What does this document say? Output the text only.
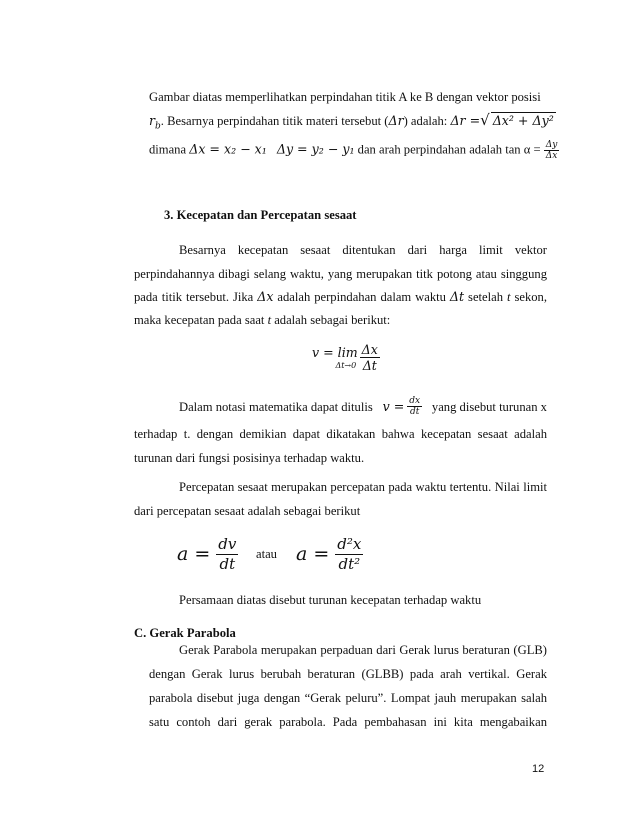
Gambar diatas memperlihatkan perpindahan titik A ke B dengan vektor posisi
$r_b$. Besarnya perpindahan titik materi tersebut (Δr) adalah: Δr =√ Δx² + Δy²
dimana Δx = x₂ − x₁ Δy = y₂ − y₁ dan arah perpindahan adalah $\tan \alpha = \frac{\Delta y}{\Delta x}$
3. Kecepatan dan Percepatan sesaat
Besarnya kecepatan sesaat ditentukan dari harga limit vektor
perpindahannya dibagi selang waktu, yang merupakan titk potong atau singgung
pada titik tersebut. Jika Δx adalah perpindahan dalam waktu Δt setelah t sekon,
maka kecepatan pada saat t adalah sebagai berikut:
v = lim
$\Delta t\to 0 \frac{\Delta x}{\Delta t}$
Dalam notasi matematika dapat ditulis $v = \frac{dx}{dt}$ yang disebut turunan x
terhadap t. dengan demikian dapat dikatakan bahwa kecepatan sesaat adalah
turunan dari fungsi posisinya terhadap waktu.
Percepatan sesaat merupakan percepatan pada waktu tertentu. Nilai limit
dari percepatan sesaat adalah sebagai berikut
$a = \frac{dv}{dt}$ atau $a = \frac{\text{d²x}}{\text{dt²}}$
Persamaan diatas disebut turunan kecepatan terhadap waktu
C. Gerak Parabola
Gerak Parabola merupakan perpaduan dari Gerak lurus beraturan (GLB)
dengan Gerak lurus berubah beraturan (GLBB) pada arah vertikal. Gerak
parabola disebut juga dengan “Gerak peluru”. Lompat jauh merupakan salah
satu contoh dari gerak parabola. Pada pembahasan ini kita mengabaikan
12
